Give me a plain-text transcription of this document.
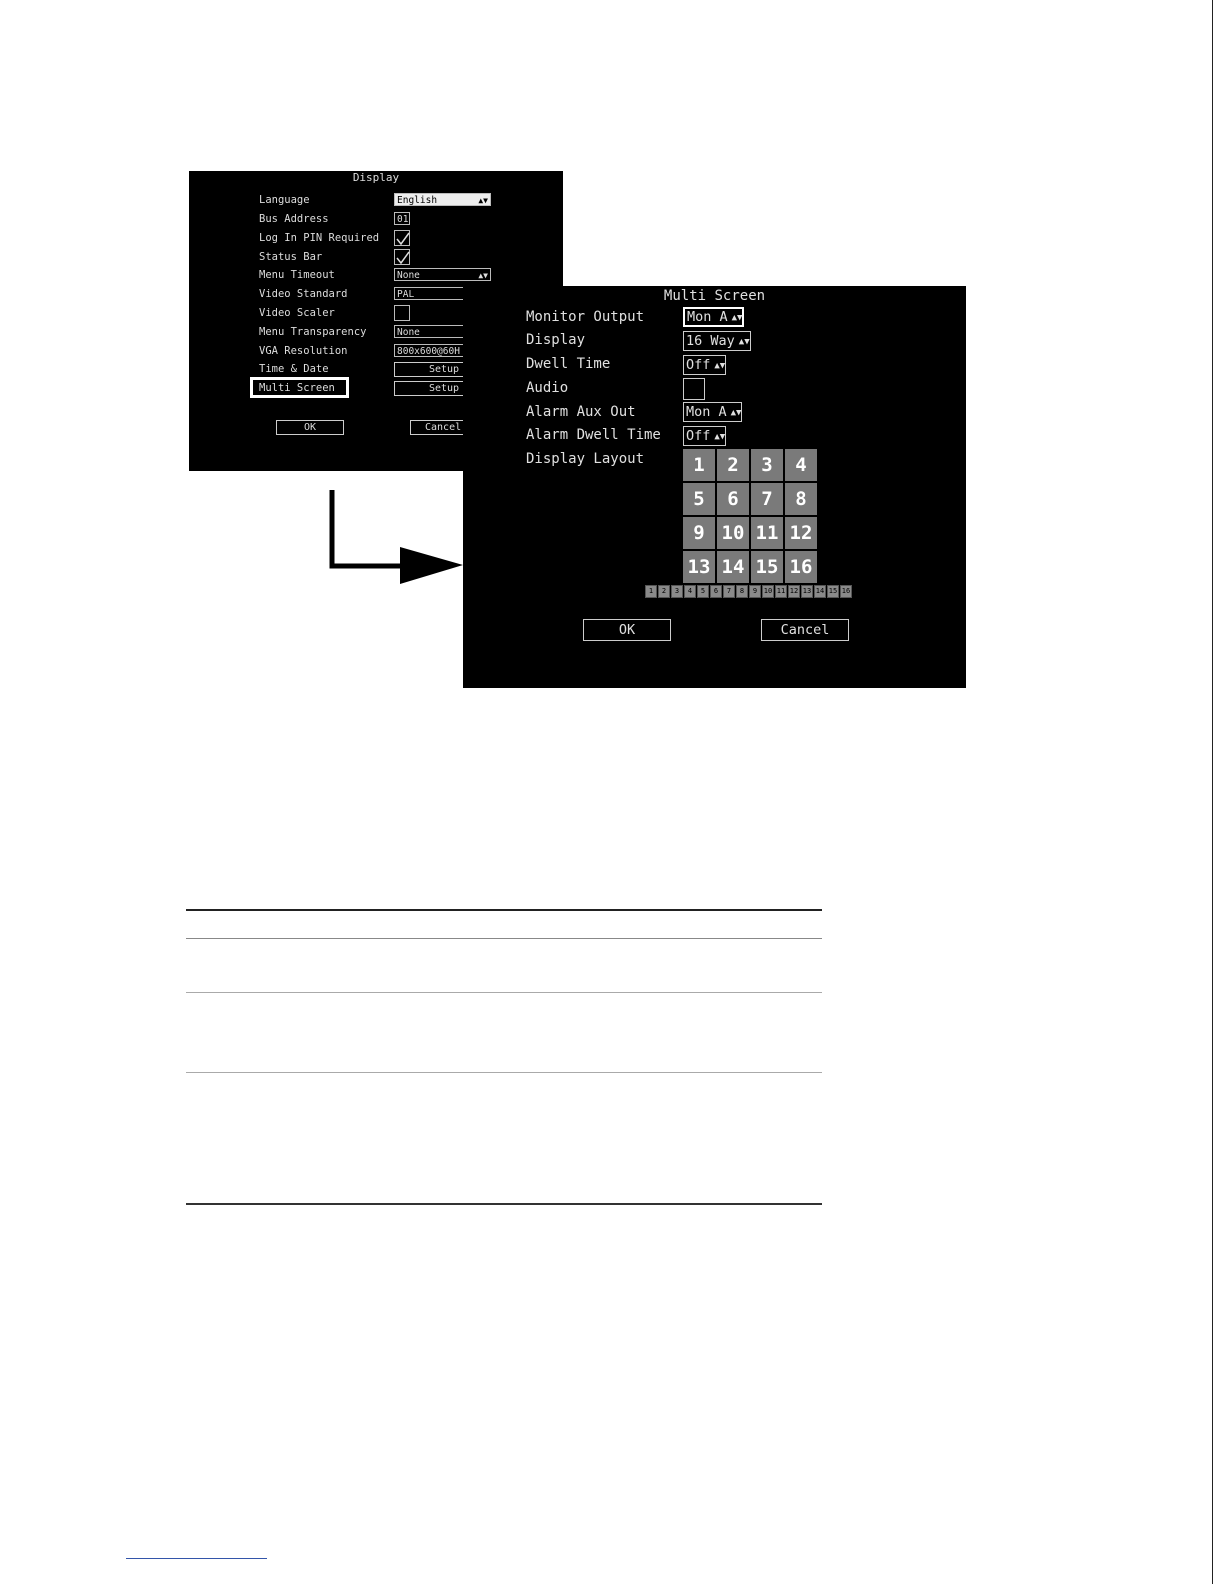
Display
Language	English	▲▼
Bus Address	01
Log In PIN Required
Status Bar
Menu Timeout	None	▲▼
Video Standard	PAL
Video Scaler
Menu Transparency	None
VGA Resolution	800x600@60H
Time & Date	Setup
Multi Screen	Setup
OK	Cancel
Multi Screen
Monitor Output	Mon A ▲▼
Display	16 Way ▲▼
Dwell Time	Off ▲▼
Audio
Alarm Aux Out	Mon A ▲▼
Alarm Dwell Time Off ▲▼
Display Layout	1	2	3	4
5	6	7	8
9 10 11 12
13 14 15 16
1	2	3	4	5	6	7	8	9 10 11 12 13 14 15 16
OK	Cancel
